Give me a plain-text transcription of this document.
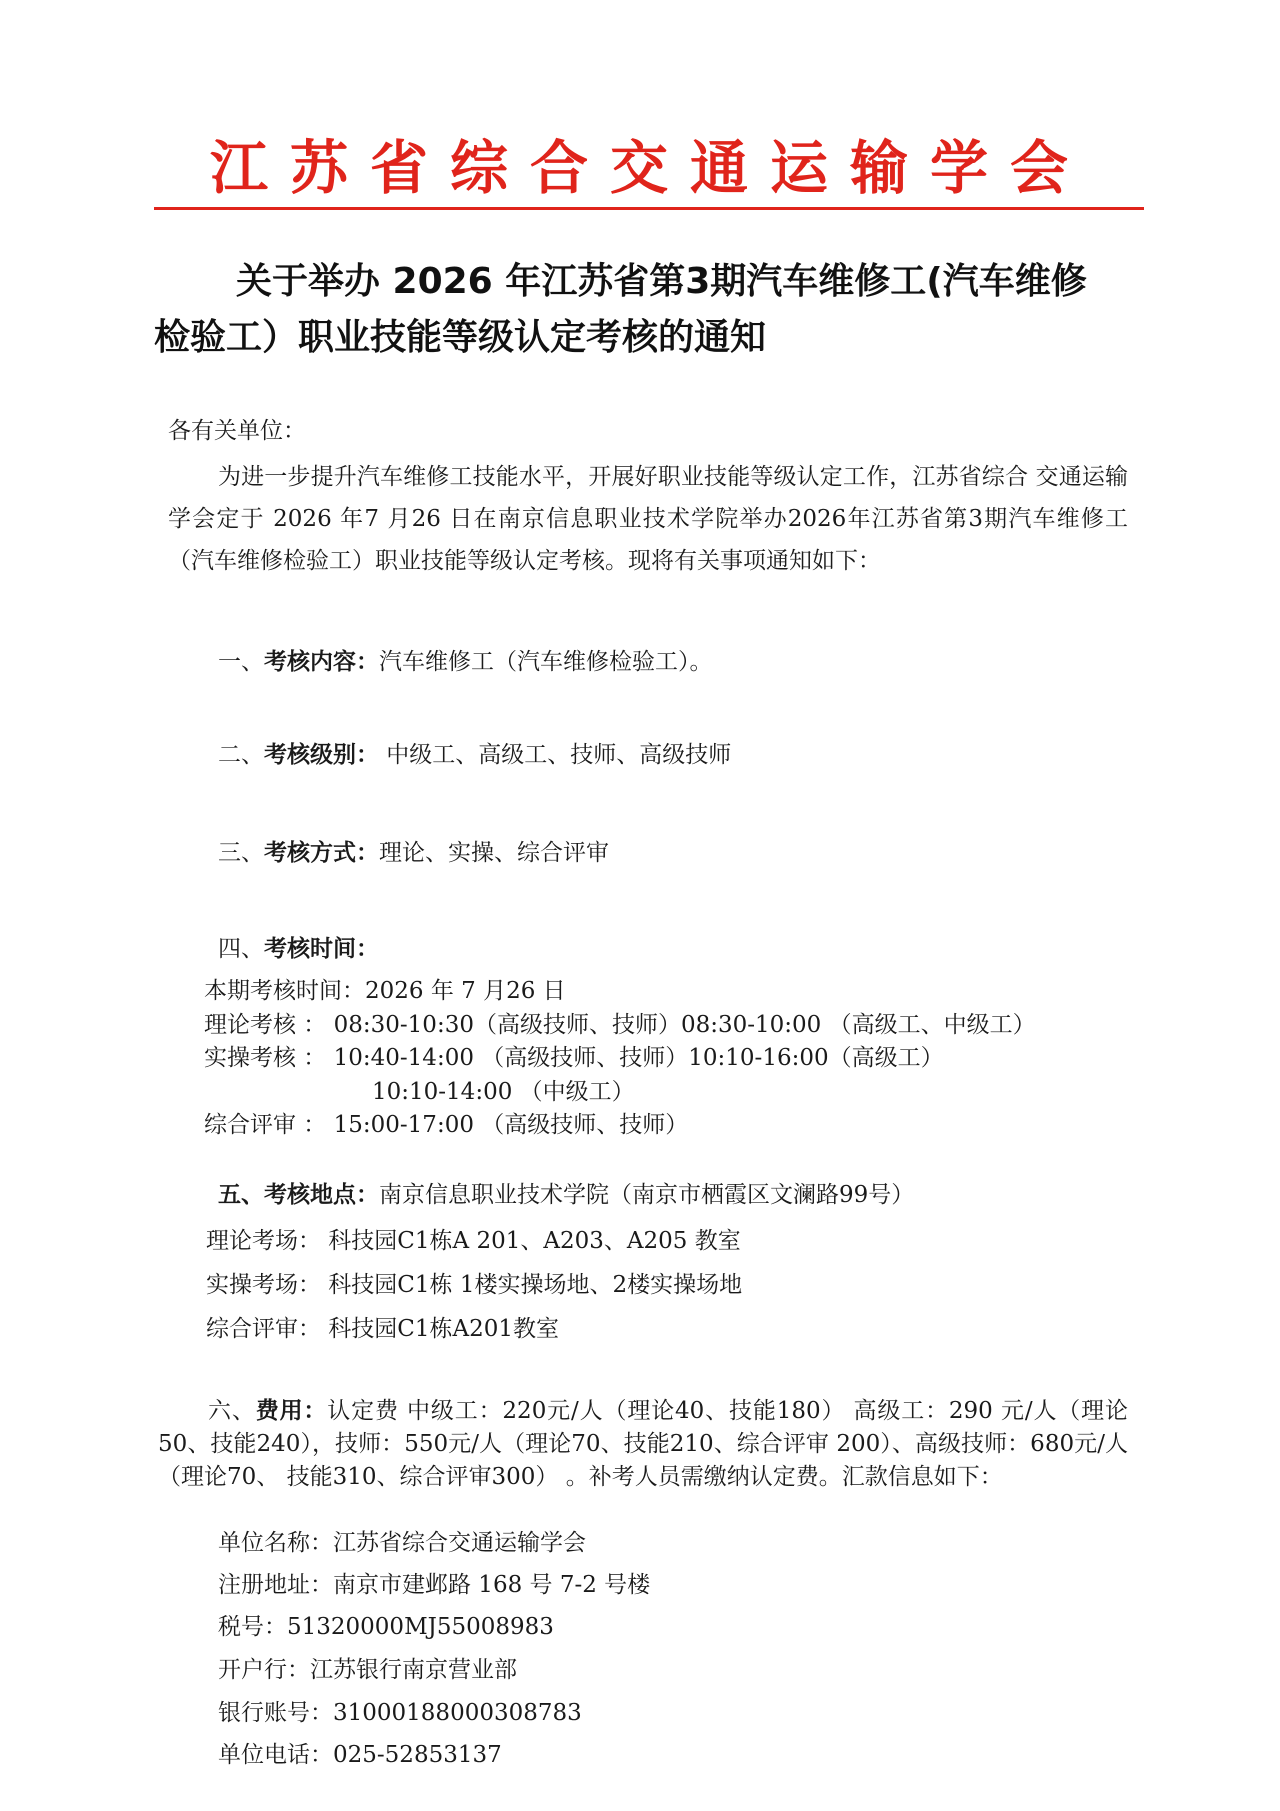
江苏省综合交通运输学会
关于举办 2026 年江苏省第3期汽车维修工(汽车维修
检验工）职业技能等级认定考核的通知
各有关单位：
为进一步提升汽车维修工技能水平，开展好职业技能等级认定工作，江苏省综合 交通运输学会定于 2026 年7 月26 日在南京信息职业技术学院举办2026年江苏省第3期汽车维修工（汽车维修检验工）职业技能等级认定考核。现将有关事项通知如下：
一、考核内容：汽车维修工（汽车维修检验工）。
二、考核级别： 中级工、高级工、技师、高级技师
三、考核方式：理论、实操、综合评审
四、考核时间：
本期考核时间：2026 年 7 月26 日
理论考核 ： 08:30-10:30（高级技师、技师）08:30-10:00 （高级工、中级工）
实操考核 ： 10:40-14:00 （高级技师、技师）10:10-16:00（高级工）
10:10-14:00 （中级工）
综合评审 ： 15:00-17:00 （高级技师、技师）
五、考核地点：南京信息职业技术学院（南京市栖霞区文澜路99号）
理论考场： 科技园C1栋A 201、A203、A205 教室
实操考场： 科技园C1栋 1楼实操场地、2楼实操场地
综合评审： 科技园C1栋A201教室
六、费用：认定费 中级工：220元/人（理论40、技能180） 高级工：290 元/人（理论50、技能240），技师：550元/人（理论70、技能210、综合评审 200）、高级技师：680元/人（理论70、 技能310、综合评审300） 。补考人员需缴纳认定费。汇款信息如下：
单位名称：江苏省综合交通运输学会
注册地址：南京市建邺路 168 号 7-2 号楼
税号：51320000MJ55008983
开户行：江苏银行南京营业部
银行账号：31000188000308783
单位电话：025-52853137
